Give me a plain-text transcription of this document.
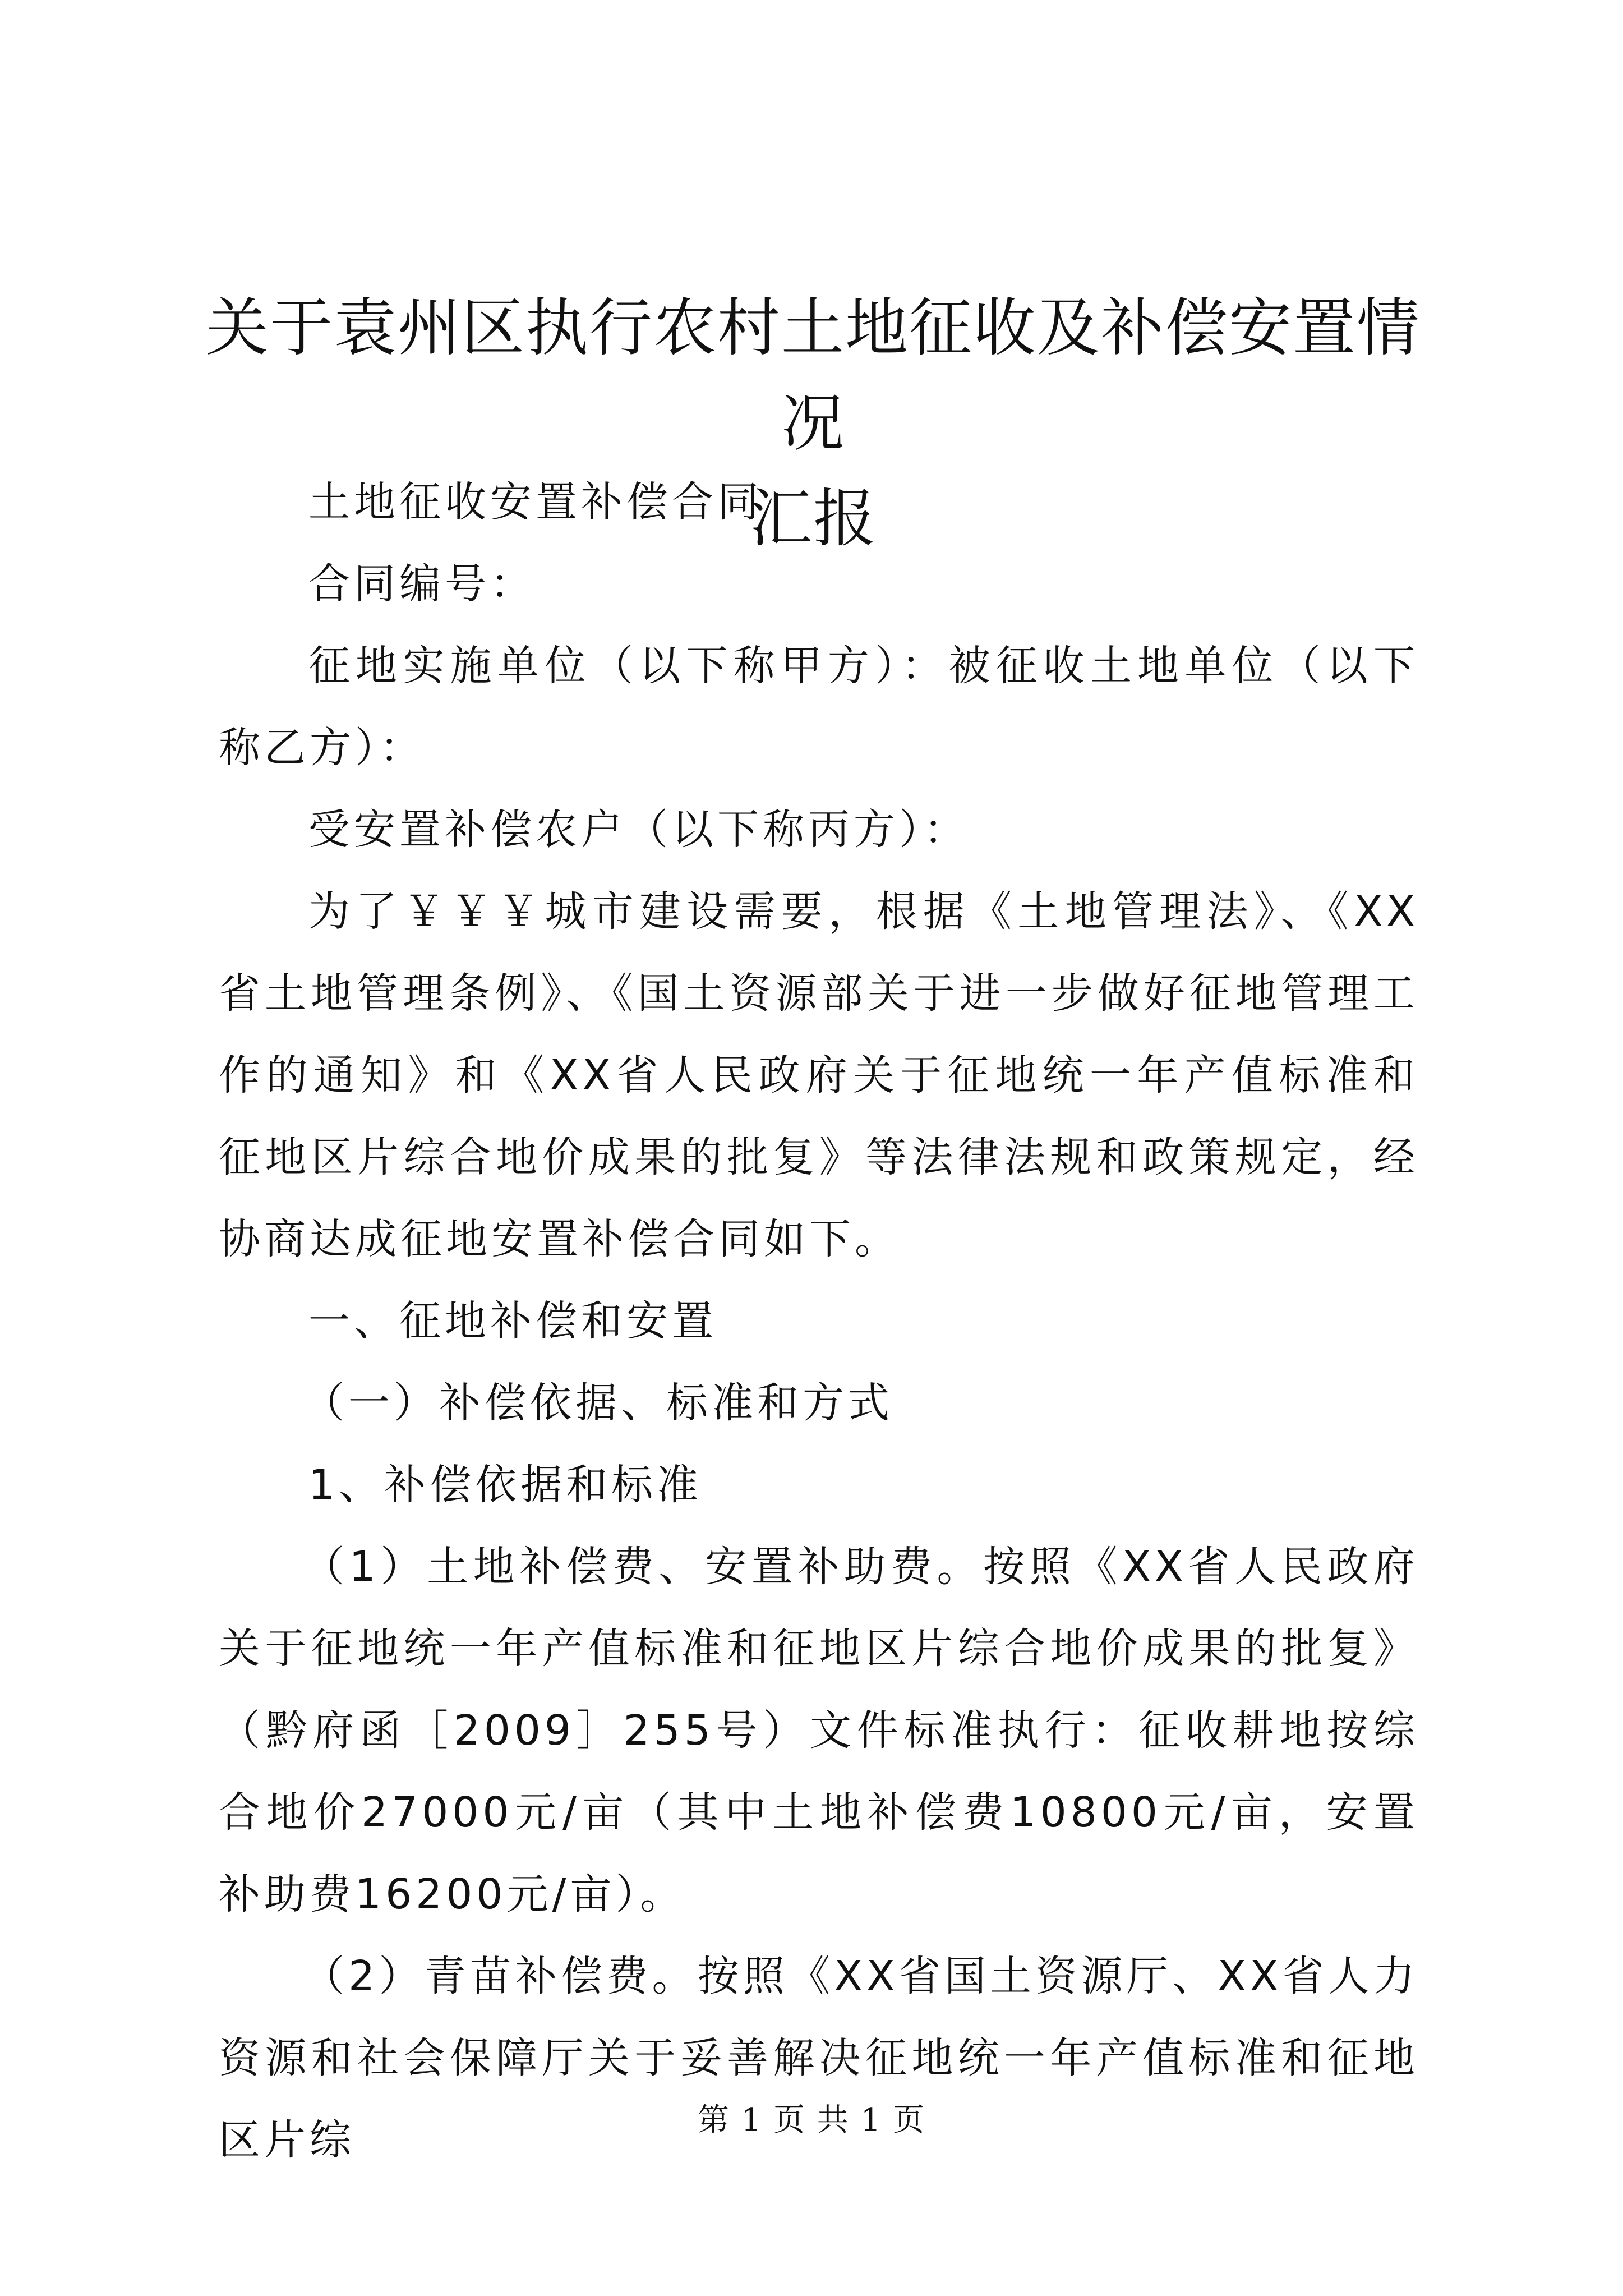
关于袁州区执行农村土地征收及补偿安置情况
汇报

土地征收安置补偿合同

合同编号：

征地实施单位（以下称甲方）：被征收土地单位（以下称乙方）：

受安置补偿农户（以下称丙方）：

为了￥￥￥城市建设需要，根据《土地管理法》、《XX省土地管理条例》、《国土资源部关于进一步做好征地管理工作的通知》和《XX省人民政府关于征地统一年产值标准和征地区片综合地价成果的批复》等法律法规和政策规定，经协商达成征地安置补偿合同如下。

一、征地补偿和安置

（一）补偿依据、标准和方式

1、补偿依据和标准

（1）土地补偿费、安置补助费。按照《XX省人民政府关于征地统一年产值标准和征地区片综合地价成果的批复》（黔府函［2009］255号）文件标准执行：征收耕地按综合地价27000元/亩（其中土地补偿费10800元/亩，安置补助费16200元/亩）。

（2）青苗补偿费。按照《XX省国土资源厅、XX省人力资源和社会保障厅关于妥善解决征地统一年产值标准和征地区片综	第 1 页 共 1 页
